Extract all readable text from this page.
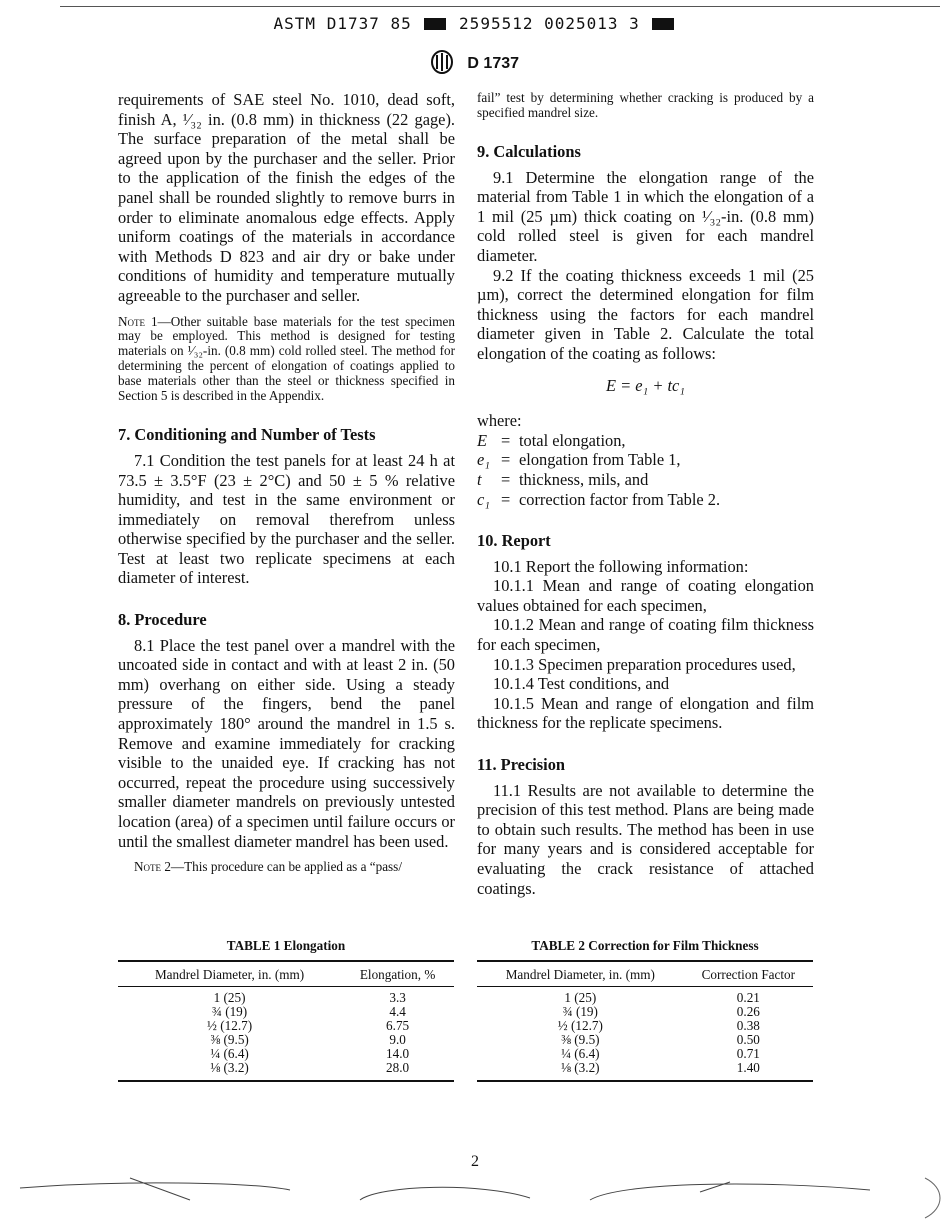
ASTM D1737 85	2595512 0025013 3
D 1737

requirements of SAE steel No. 1010, dead soft, finish A, ¹⁄₃₂ in. (0.8 mm) in thickness (22 gage). The surface preparation of the metal shall be agreed upon by the purchaser and the seller. Prior to the application of the finish the edges of the panel shall be rounded slightly to remove burrs in order to eliminate anomalous edge effects. Apply uniform coatings of the materials in accordance with Methods D 823 and air dry or bake under conditions of humidity and temperature mutually agreeable to the purchaser and seller.

Note 1—Other suitable base materials for the test specimen may be employed. This method is designed for testing materials on ¹⁄₃₂-in. (0.8 mm) cold rolled steel. The method for determining the percent of elongation of coatings applied to base materials other than the steel or thickness specified in Section 5 is described in the Appendix.

7. Conditioning and Number of Tests

7.1 Condition the test panels for at least 24 h at 73.5 ± 3.5°F (23 ± 2°C) and 50 ± 5 % relative humidity, and test in the same environment or immediately on removal therefrom unless otherwise specified by the purchaser and the seller. Test at least two replicate specimens at each diameter of interest.

8. Procedure

8.1 Place the test panel over a mandrel with the uncoated side in contact and with at least 2 in. (50 mm) overhang on either side. Using a steady pressure of the fingers, bend the panel approximately 180° around the mandrel in 1.5 s. Remove and examine immediately for cracking visible to the unaided eye. If cracking has not occurred, repeat the procedure using successively smaller diameter mandrels on previously untested location (area) of a specimen until failure occurs or until the smallest diameter mandrel has been used.

Note 2—This procedure can be applied as a “pass/

fail” test by determining whether cracking is produced by a specified mandrel size.

9. Calculations

9.1 Determine the elongation range of the material from Table 1 in which the elongation of a 1 mil (25 µm) thick coating on ¹⁄₃₂-in. (0.8 mm) cold rolled steel is given for each mandrel diameter.

9.2 If the coating thickness exceeds 1 mil (25 µm), correct the determined elongation for film thickness using the factors for each mandrel diameter given in Table 2. Calculate the total elongation of the coating as follows:

E = e₁ + tc₁

where:

E = total elongation,
e₁ = elongation from Table 1,
t	= thickness, mils, and
c₁ = correction factor from Table 2.
10. Report

10.1 Report the following information:

10.1.1 Mean and range of coating elongation values obtained for each specimen,

10.1.2 Mean and range of coating film thickness for each specimen,

10.1.3 Specimen preparation procedures used,

10.1.4 Test conditions, and

10.1.5 Mean and range of elongation and film thickness for the replicate specimens.

11. Precision

11.1 Results are not available to determine the precision of this test method. Plans are being made to obtain such results. The method has been in use for many years and is considered acceptable for evaluating the crack resistance of attached coatings.

TABLE 1 Elongation
Mandrel Diameter, in. (mm)	Elongation, %
1 (25)	3.3
¾ (19)	4.4
½ (12.7)	6.75
⅜ (9.5)	9.0
¼ (6.4)	14.0
⅛ (3.2)	28.0
TABLE 2 Correction for Film Thickness
Mandrel Diameter, in. (mm)	Correction Factor
1 (25)	0.21
¾ (19)	0.26
½ (12.7)	0.38
⅜ (9.5)	0.50
¼ (6.4)	0.71
⅛ (3.2)	1.40
2
